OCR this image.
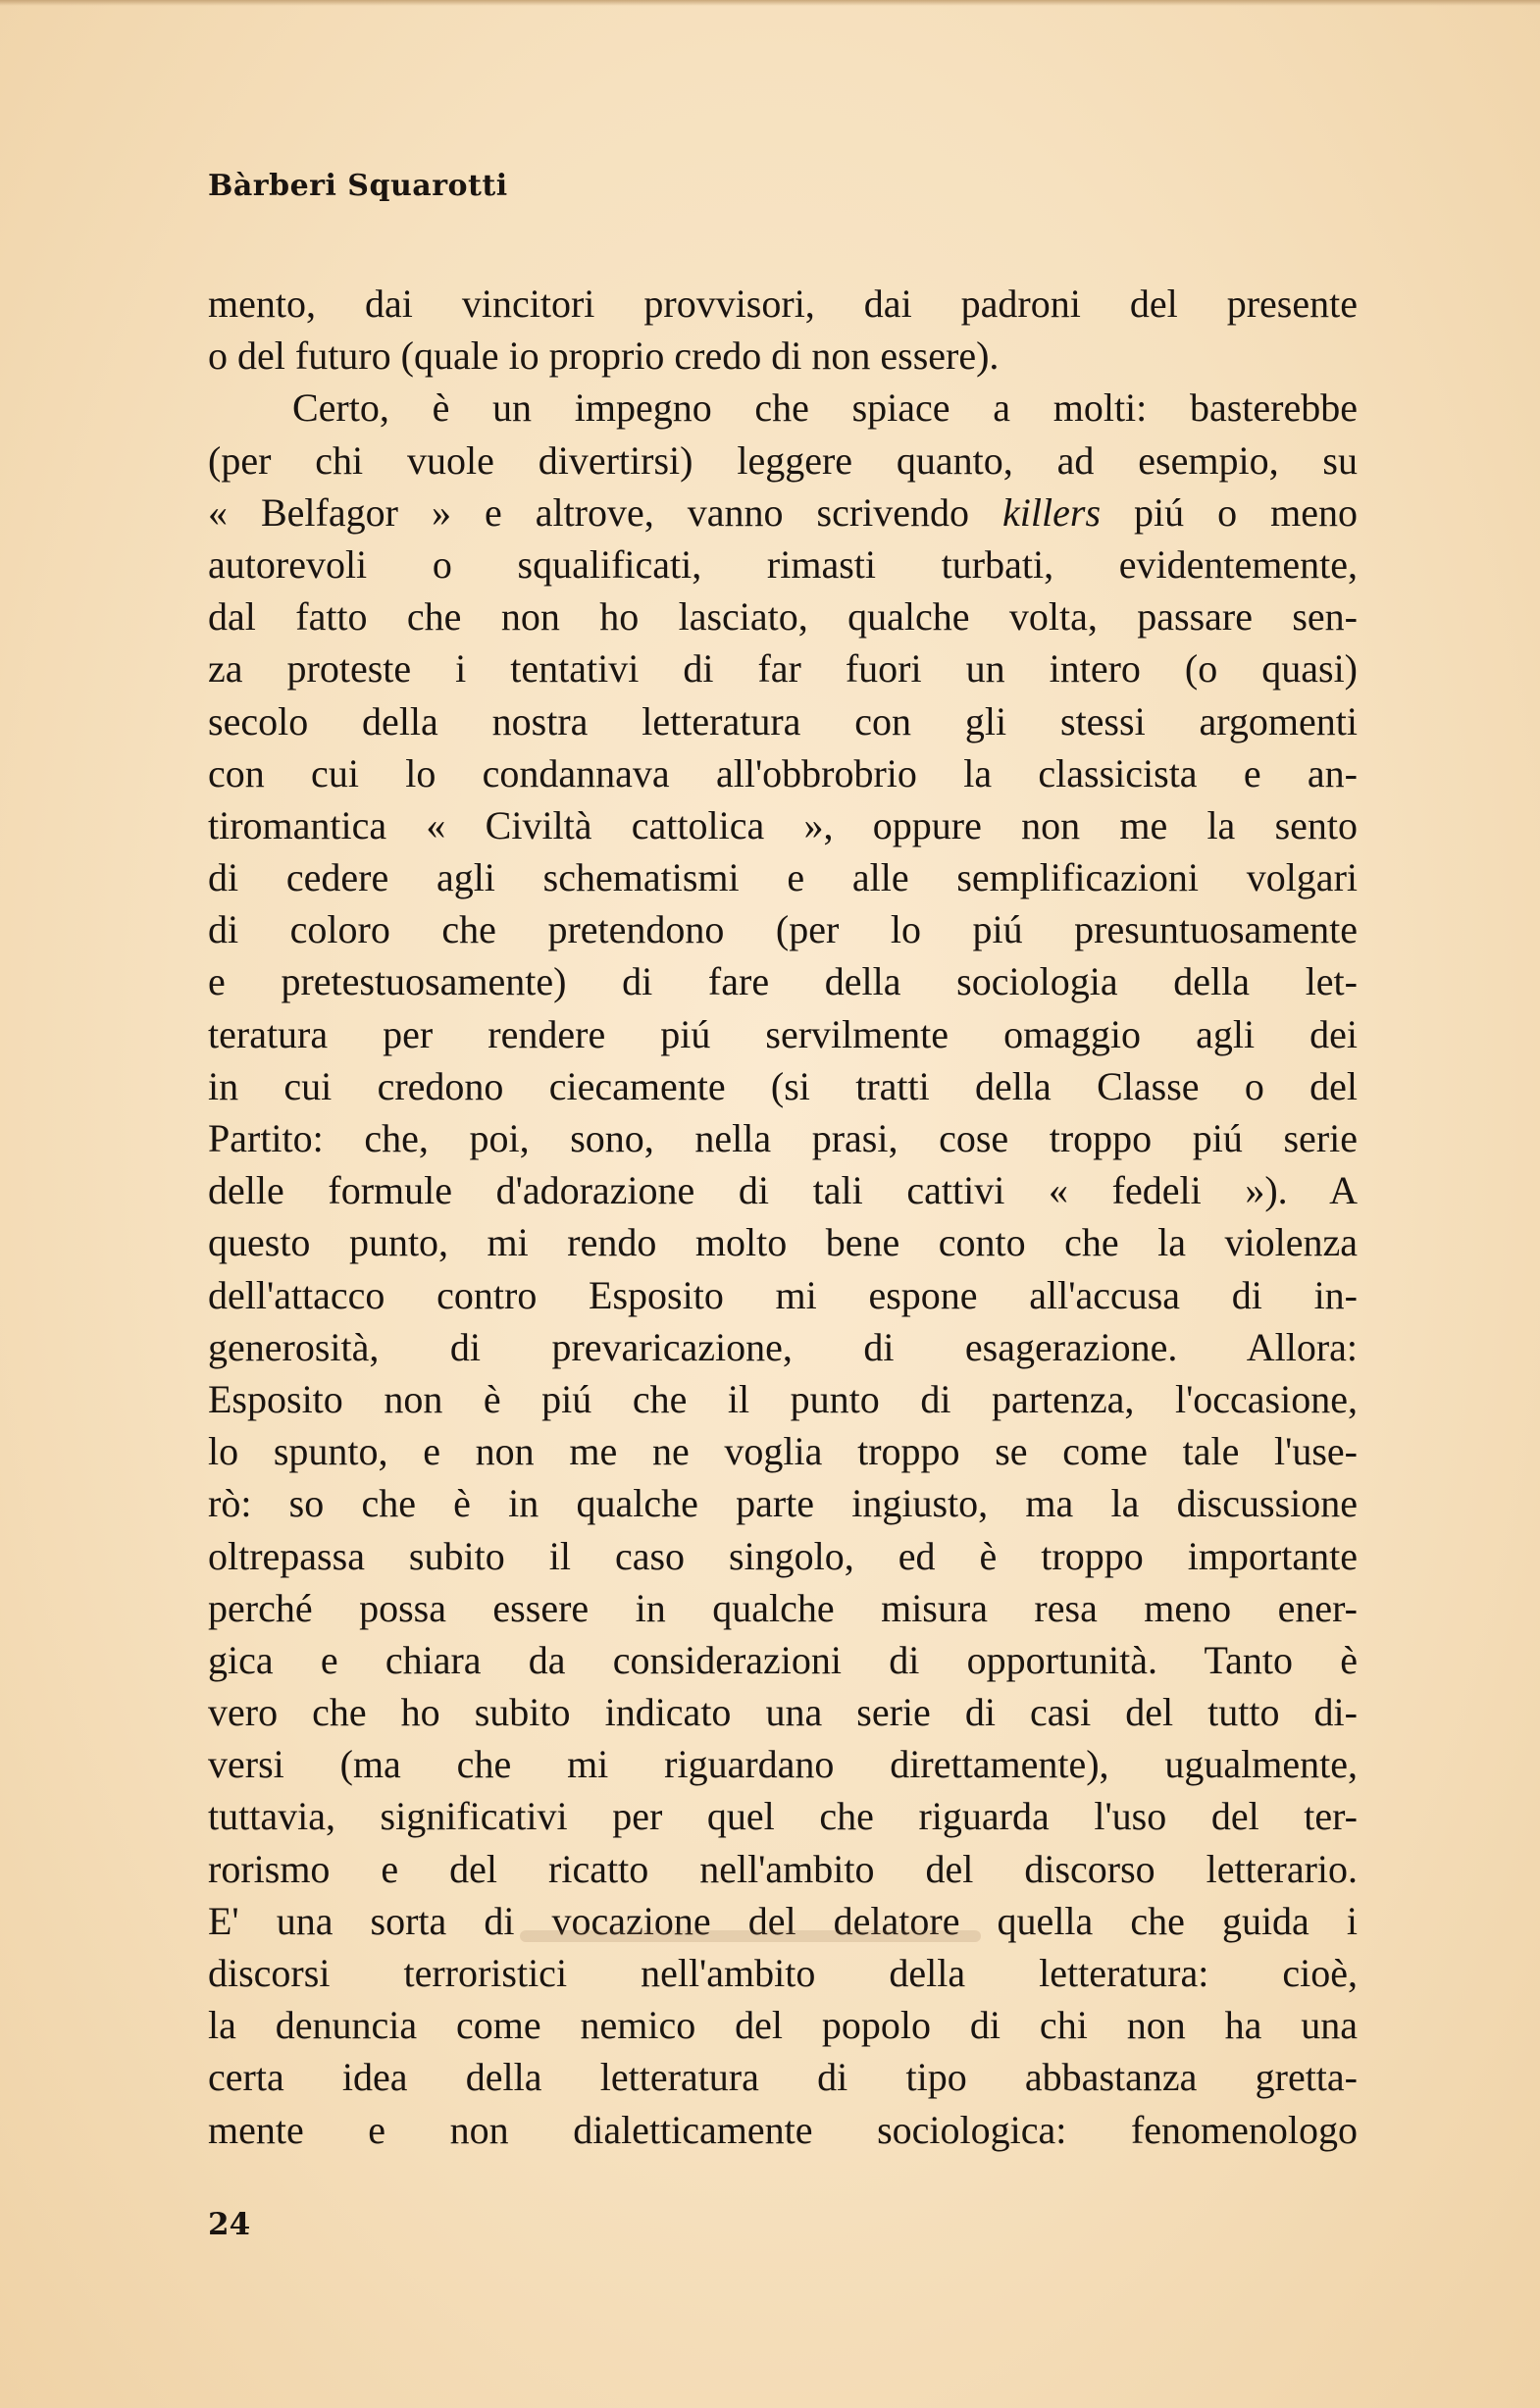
Bàrberi Squarotti
mento, dai vincitori provvisori, dai padroni del presente
o del futuro (quale io proprio credo di non essere).
Certo, è un impegno che spiace a molti: basterebbe
(per chi vuole divertirsi) leggere quanto, ad esempio, su
« Belfagor » e altrove, vanno scrivendo killers piú o meno
autorevoli o squalificati, rimasti turbati, evidentemente,
dal fatto che non ho lasciato, qualche volta, passare sen-
za proteste i tentativi di far fuori un intero (o quasi)
secolo della nostra letteratura con gli stessi argomenti
con cui lo condannava all'obbrobrio la classicista e an-
tiromantica « Civiltà cattolica », oppure non me la sento
di cedere agli schematismi e alle semplificazioni volgari
di coloro che pretendono (per lo piú presuntuosamente
e pretestuosamente) di fare della sociologia della let-
teratura per rendere piú servilmente omaggio agli dei
in cui credono ciecamente (si tratti della Classe o del
Partito: che, poi, sono, nella prasi, cose troppo piú serie
delle formule d'adorazione di tali cattivi « fedeli »). A
questo punto, mi rendo molto bene conto che la violenza
dell'attacco contro Esposito mi espone all'accusa di in-
generosità, di prevaricazione, di esagerazione. Allora:
Esposito non è piú che il punto di partenza, l'occasione,
lo spunto, e non me ne voglia troppo se come tale l'use-
rò: so che è in qualche parte ingiusto, ma la discussione
oltrepassa subito il caso singolo, ed è troppo importante
perché possa essere in qualche misura resa meno ener-
gica e chiara da considerazioni di opportunità. Tanto è
vero che ho subito indicato una serie di casi del tutto di-
versi (ma che mi riguardano direttamente), ugualmente,
tuttavia, significativi per quel che riguarda l'uso del ter-
rorismo e del ricatto nell'ambito del discorso letterario.
E' una sorta di vocazione del delatore quella che guida i
discorsi terroristici nell'ambito della letteratura: cioè,
la denuncia come nemico del popolo di chi non ha una
certa idea della letteratura di tipo abbastanza gretta-
mente e non dialetticamente sociologica: fenomenologo
24
